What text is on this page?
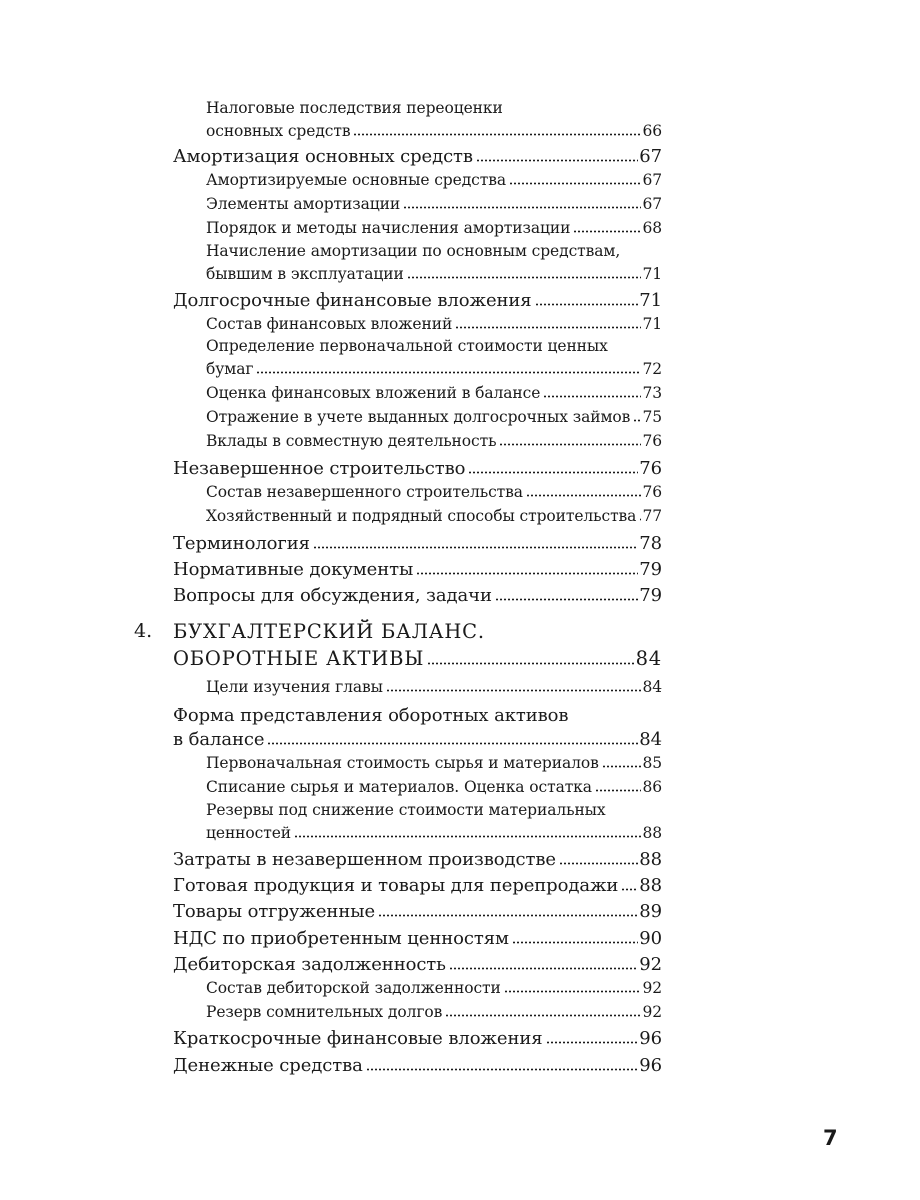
Налоговые последствия переоценки
основных средств	66
Амортизация основных средств	67
Амортизируемые основные средства	67
Элементы амортизации	67
Порядок и методы начисления амортизации	68
Начисление амортизации по основным средствам,
бывшим в эксплуатации	71
Долгосрочные финансовые вложения	71
Состав финансовых вложений	71
Определение первоначальной стоимости ценных
бумаг	72
Оценка финансовых вложений в балансе	73
Отражение в учете выданных долгосрочных займов 75
Вклады в совместную деятельность	76
Незавершенное строительство	76
Состав незавершенного строительства	76
Хозяйственный и подрядный способы строительства 77
Терминология	78
Нормативные документы	79
Вопросы для обсуждения, задачи	79
БУХГАЛТЕРСКИЙ БАЛАНС.
ОБОРОТНЫЕ АКТИВЫ	84
4.
Цели изучения главы	84
Форма представления оборотных активов
в балансе	84
Первоначальная стоимость сырья и материалов	85
Списание сырья и материалов. Оценка остатка	86
Резервы под снижение стоимости материальных
ценностей	88
Затраты в незавершенном производстве	88
Готовая продукция и товары для перепродажи 88
Товары отгруженные	89
НДС по приобретенным ценностям	90
Дебиторская задолженность	92
Состав дебиторской задолженности	92
Резерв сомнительных долгов	92
Краткосрочные финансовые вложения	96
Денежные средства	96
7
